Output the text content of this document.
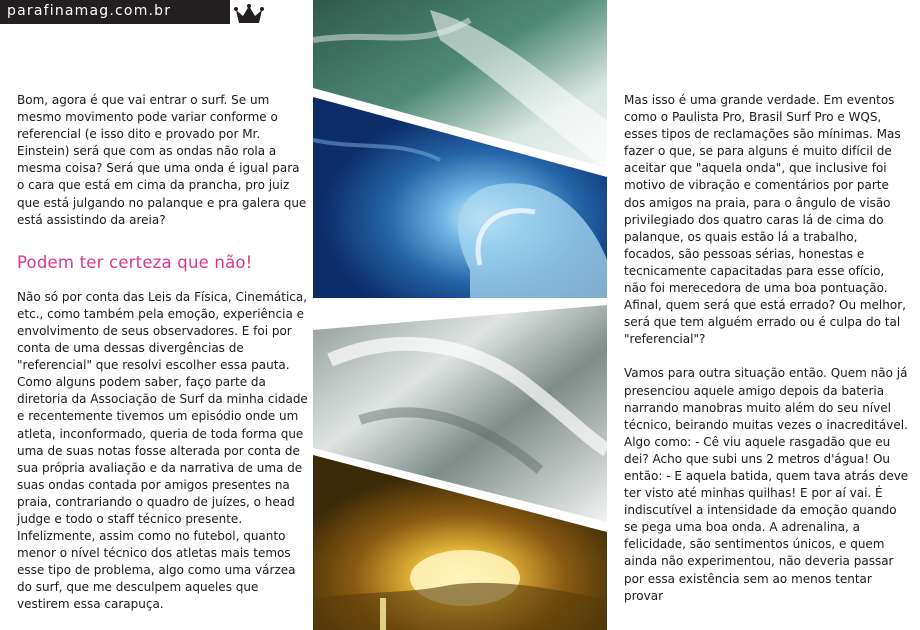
parafinamag.com.br

Bom, agora é que vai entrar o surf. Se um mesmo movimento pode variar conforme o referencial (e isso dito e provado por Mr. Einstein) será que com as ondas não rola a mesma coisa? Será que uma onda é igual para o cara que está em cima da prancha, pro juiz que está julgando no palanque e pra galera que está assistindo da areia?

Podem ter certeza que não!

Não só por conta das Leis da Física, Cinemática, etc., como também pela emoção, experiência e envolvimento de seus observadores. E foi por conta de uma dessas divergências de "referencial" que resolvi escolher essa pauta. Como alguns podem saber, faço parte da diretoria da Associação de Surf da minha cidade e recentemente tivemos um episódio onde um atleta, inconformado, queria de toda forma que uma de suas notas fosse alterada por conta de sua própria avaliação e da narrativa de uma de suas ondas contada por amigos presentes na praia, contrariando o quadro de juízes, o head judge e todo o staff técnico presente. Infelizmente, assim como no futebol, quanto menor o nível técnico dos atletas mais temos esse tipo de problema, algo como uma várzea do surf, que me desculpem aqueles que vestirem essa carapuça.

Mas isso é uma grande verdade. Em eventos como o Paulista Pro, Brasil Surf Pro e WQS, esses tipos de reclamações são mínimas. Mas fazer o que, se para alguns é muito difícil de aceitar que "aquela onda", que inclusive foi motivo de vibração e comentários por parte dos amigos na praia, para o ângulo de visão privilegiado dos quatro caras lá de cima do palanque, os quais estão lá a trabalho, focados, são pessoas sérias, honestas e tecnicamente capacitadas para esse ofício, não foi merecedora de uma boa pontuação. Afinal, quem será que está errado? Ou melhor, será que tem alguém errado ou é culpa do tal "referencial"?

Vamos para outra situação então. Quem não já presenciou aquele amigo depois da bateria narrando manobras muito além do seu nível técnico, beirando muitas vezes o inacreditável. Algo como: - Cê viu aquele rasgadão que eu dei? Acho que subi uns 2 metros d'água! Ou então: - E aquela batida, quem tava atrás deve ter visto até minhas quilhas! E por aí vai. É indiscutível a intensidade da emoção quando se pega uma boa onda. A adrenalina, a felicidade, são sentimentos únicos, e quem ainda não experimentou, não deveria passar por essa existência sem ao menos tentar provar
